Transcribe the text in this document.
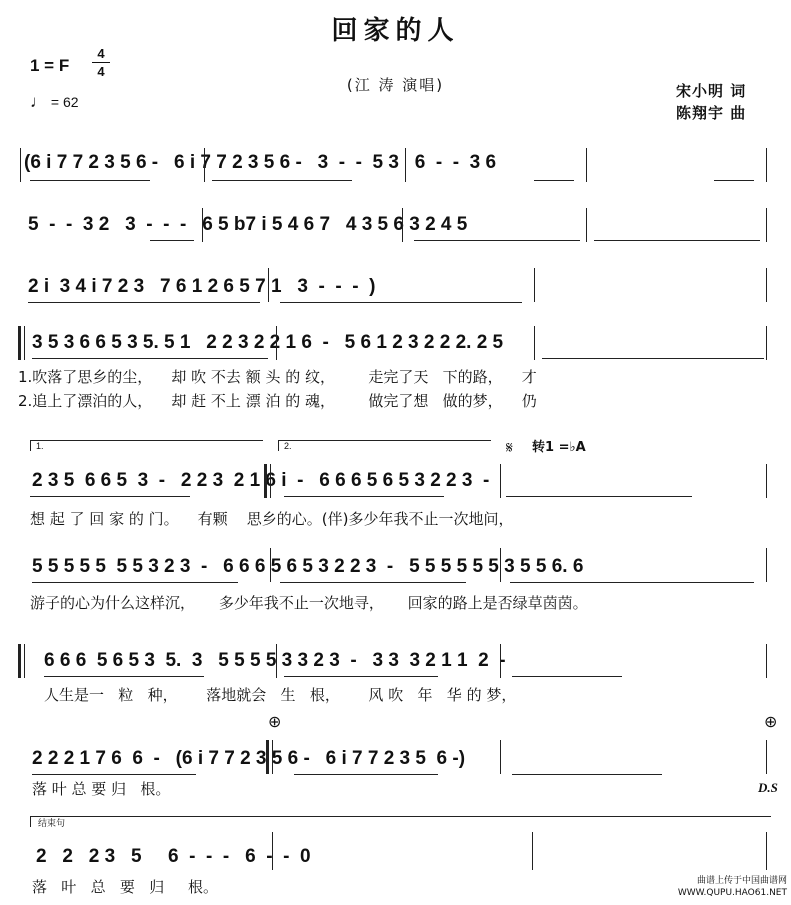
回家的人
(江 涛 演唱)
1 = F
4
4
♩ = 62
宋小明 词
陈翔宇 曲
(6 i 7 7 2 3 5 6 -   6 i 7 7 2 3 5 6 -   3  -  -  5 3   6  -  -  3 6
5  -  -  3 2   3  -  -  -   6 5 b7 i 5 4 6 7   4 3 5 6 3 2 4 5
2 i  3 4 i 7 2 3   7 6 1 2 6 5 7 1   3  -  -  -  )
3 5 3 6 6 5 3 5. 5 1   2 2 3 2 2 1 6  -   5 6 1 2 3 2 2 2. 2 5
1.吹落了思乡的尘，    却 吹 不去 额 头 的 纹，       走完了天   下的路，    才
2.追上了漂泊的人，    却 赶 不上 漂 泊 的 魂，       做完了想   做的梦，    仍
1.	2.	𝄋 转1 =♭A
2 3 5  6 6 5  3  -   2 2 3  2 1 6 i  -   6 6 6 5 6 5 3 2 2 3  -
想 起 了 回 家 的 门。    有颗    思乡的心。(伴)多少年我不止一次地问，
5 5 5 5 5  5 5 3 2 3  -   6 6 6 5 6 5 3 2 2 3  -   5 5 5 5 5 5 3 5 5 6. 6
游子的心为什么这样沉，     多少年我不止一次地寻，     回家的路上是否绿草茵茵。
6 6 6  5 6 5 3  5.  3   5 5 5 5 3 3 2 3  -   3 3  3 2 1 1  2  -
人生是一   粒   种，      落地就会   生   根，      风 吹   年   华 的 梦，
⊕	⊕
2 2 2 1 7 6  6  -   (6 i 7 7 2 3 5 6 -   6 i 7 7 2 3 5  6 -)
落 叶 总 要 归   根。	D.S
结束句
2   2   2 3   5     6  -  -  -   6  -  -  0
落   叶   总   要   归     根。	曲谱上传于中国曲谱网
WWW.QUPU.HAO61.NET
